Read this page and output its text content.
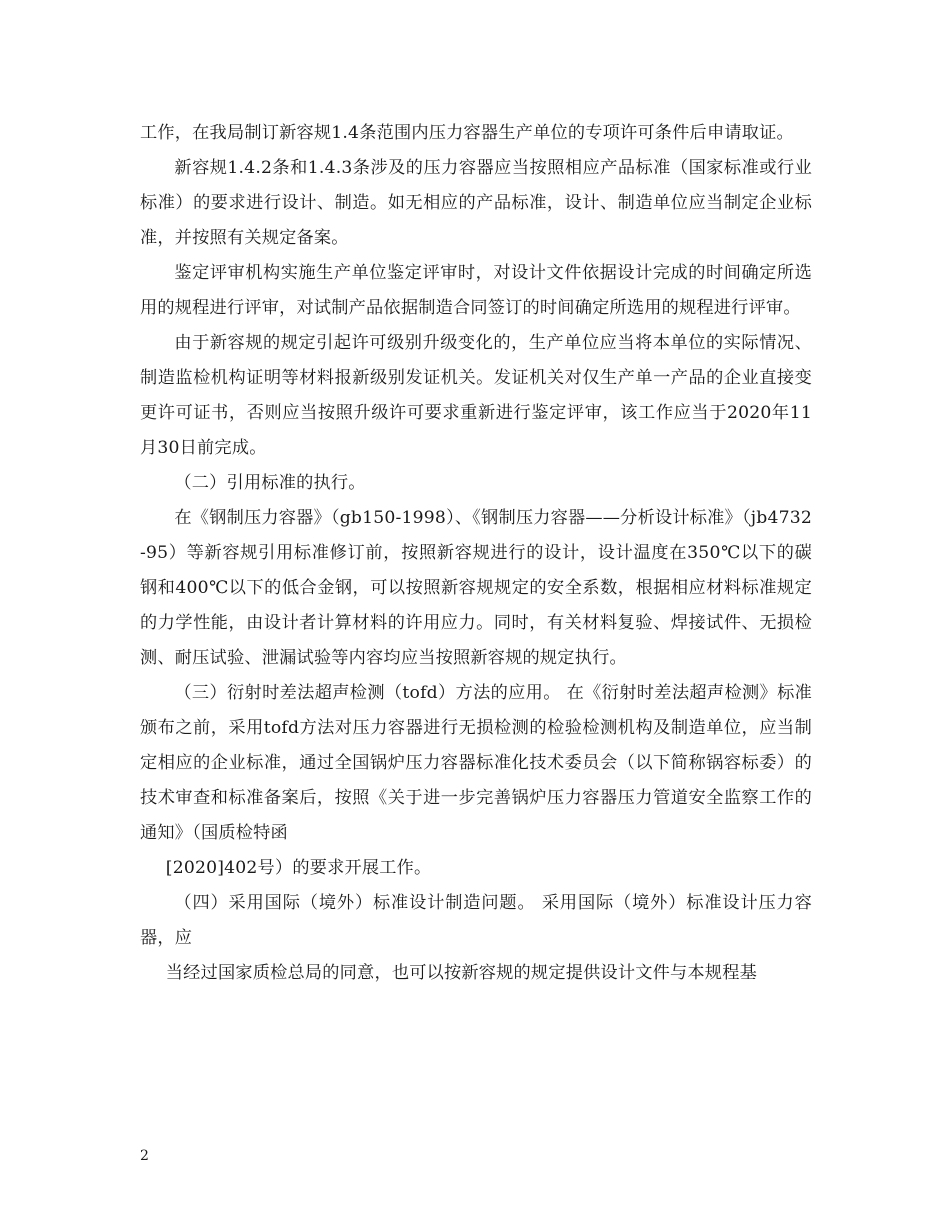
工作，在我局制订新容规1.4条范围内压力容器生产单位的专项许可条件后申请取证。

新容规1.4.2条和1.4.3条涉及的压力容器应当按照相应产品标准（国家标准或行业标准）的要求进行设计、制造。如无相应的产品标准，设计、制造单位应当制定企业标准，并按照有关规定备案。

鉴定评审机构实施生产单位鉴定评审时，对设计文件依据设计完成的时间确定所选用的规程进行评审，对试制产品依据制造合同签订的时间确定所选用的规程进行评审。

由于新容规的规定引起许可级别升级变化的，生产单位应当将本单位的实际情况、制造监检机构证明等材料报新级别发证机关。发证机关对仅生产单一产品的企业直接变更许可证书，否则应当按照升级许可要求重新进行鉴定评审，该工作应当于2020年11月30日前完成。

（二）引用标准的执行。

在《钢制压力容器》（gb150-1998）、《钢制压力容器——分析设计标准》（jb4732-95）等新容规引用标准修订前，按照新容规进行的设计，设计温度在350℃以下的碳钢和400℃以下的低合金钢，可以按照新容规规定的安全系数，根据相应材料标准规定的力学性能，由设计者计算材料的许用应力。同时，有关材料复验、焊接试件、无损检测、耐压试验、泄漏试验等内容均应当按照新容规的规定执行。

（三）衍射时差法超声检测（tofd）方法的应用。 在《衍射时差法超声检测》标准颁布之前，采用tofd方法对压力容器进行无损检测的检验检测机构及制造单位，应当制定相应的企业标准，通过全国锅炉压力容器标准化技术委员会（以下简称锅容标委）的技术审查和标准备案后，按照《关于进一步完善锅炉压力容器压力管道安全监察工作的通知》（国质检特函

[2020]402号）的要求开展工作。

（四）采用国际（境外）标准设计制造问题。 采用国际（境外）标准设计压力容器，应

当经过国家质检总局的同意，也可以按新容规的规定提供设计文件与本规程基

2
